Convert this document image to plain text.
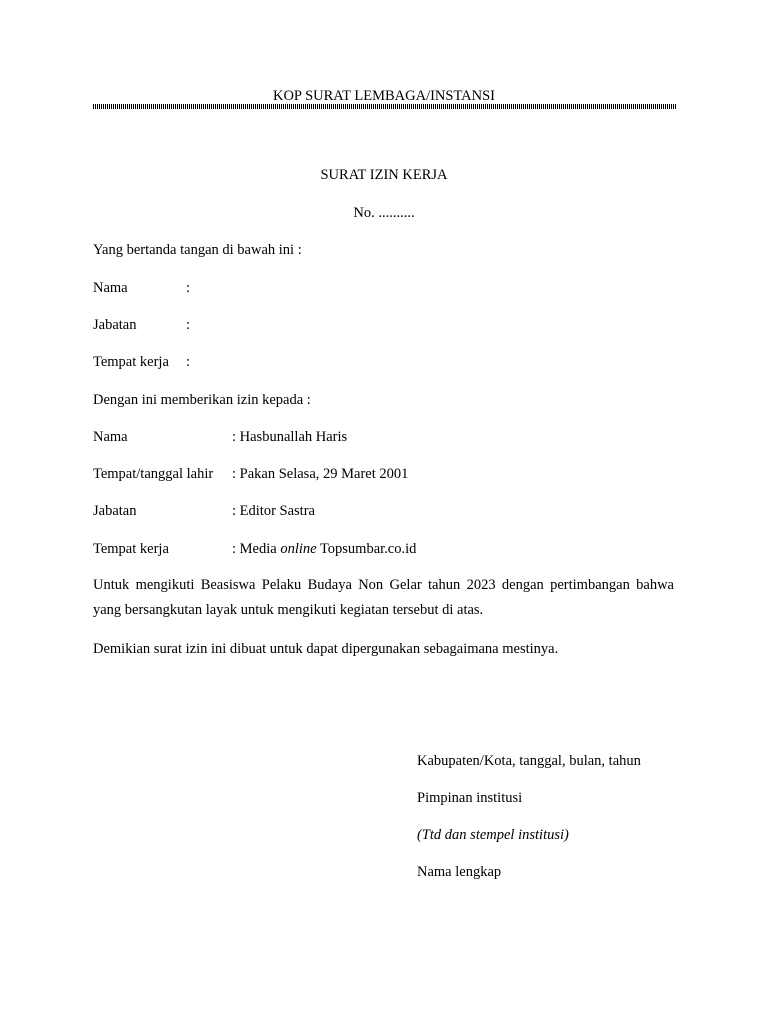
KOP SURAT LEMBAGA/INSTANSI
SURAT IZIN KERJA
No. ..........
Yang bertanda tangan di bawah ini :
Nama	:
Jabatan	:
Tempat kerja :
Dengan ini memberikan izin kepada :
Nama	: Hasbunallah Haris
Tempat/tanggal lahir : Pakan Selasa, 29 Maret 2001
Jabatan	: Editor Sastra
Tempat kerja	: Media online Topsumbar.co.id
Untuk mengikuti Beasiswa Pelaku Budaya Non Gelar tahun 2023 dengan pertimbangan bahwa yang bersangkutan layak untuk mengikuti kegiatan tersebut di atas.
Demikian surat izin ini dibuat untuk dapat dipergunakan sebagaimana mestinya.
Kabupaten/Kota, tanggal, bulan, tahun
Pimpinan institusi
(Ttd dan stempel institusi)
Nama lengkap
